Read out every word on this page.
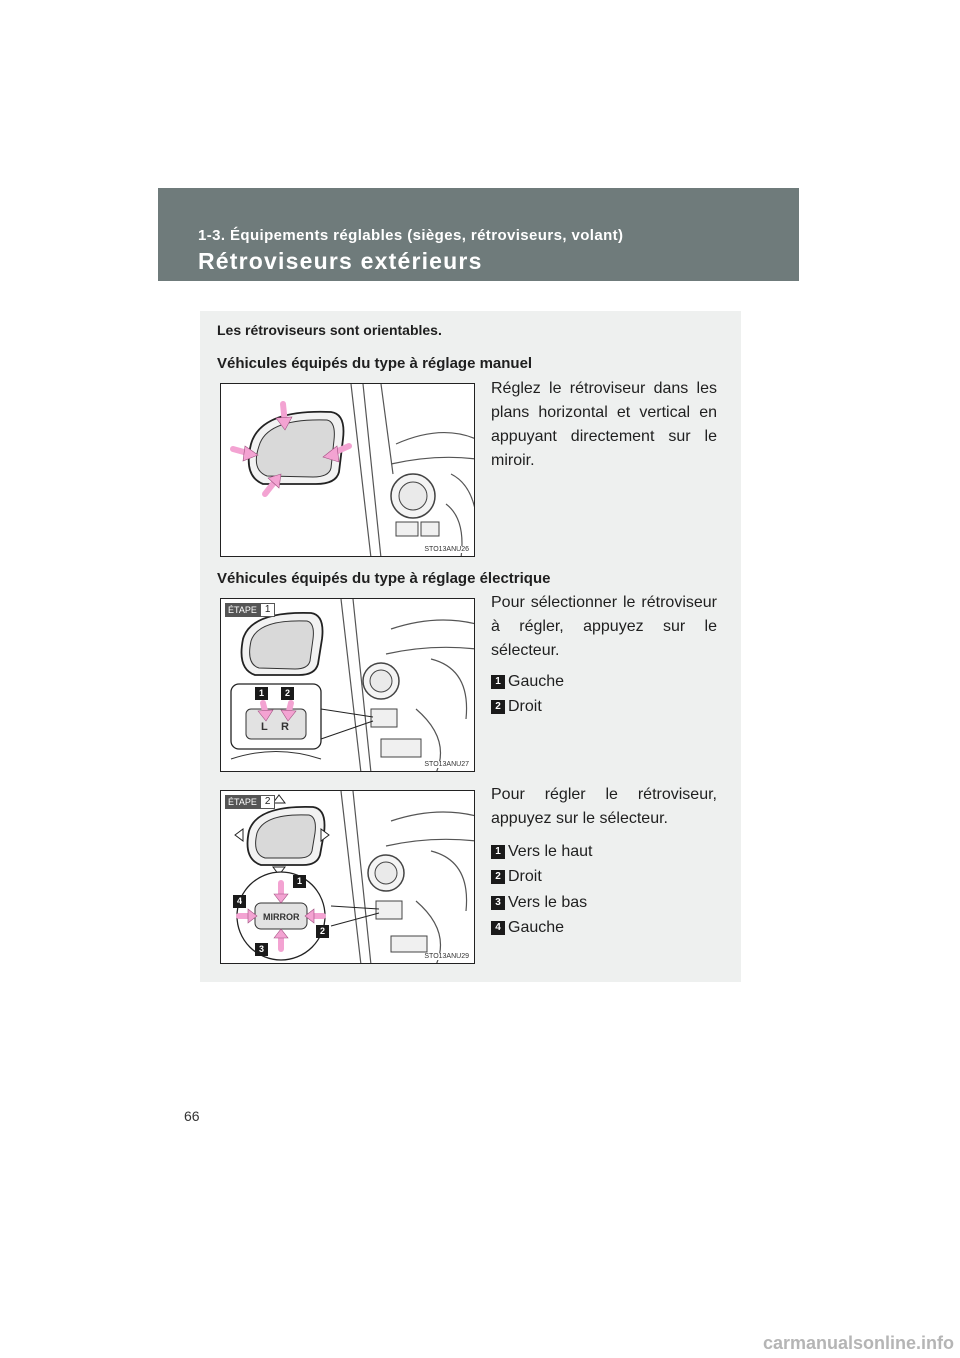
1-3. Équipements réglables (sièges, rétroviseurs, volant)
Rétroviseurs extérieurs
Les rétroviseurs sont orientables.
Véhicules équipés du type à réglage manuel
STO13ANU26
Réglez le rétroviseur dans les plans horizontal et vertical en appuyant directement sur le miroir.
Véhicules équipés du type à réglage électrique
L R
ÉTAPE 1
1	2
STO13ANU27
Pour sélectionner le rétroviseur à régler, appuyez sur le sélecteur.
1 Gauche
2 Droit
MIRROR
ÉTAPE 2
1
2
3
4
STO13ANU29
Pour régler le rétroviseur, appuyez sur le sélecteur.
1 Vers le haut
2 Droit
3 Vers le bas
4 Gauche
66
carmanualsonline.info
